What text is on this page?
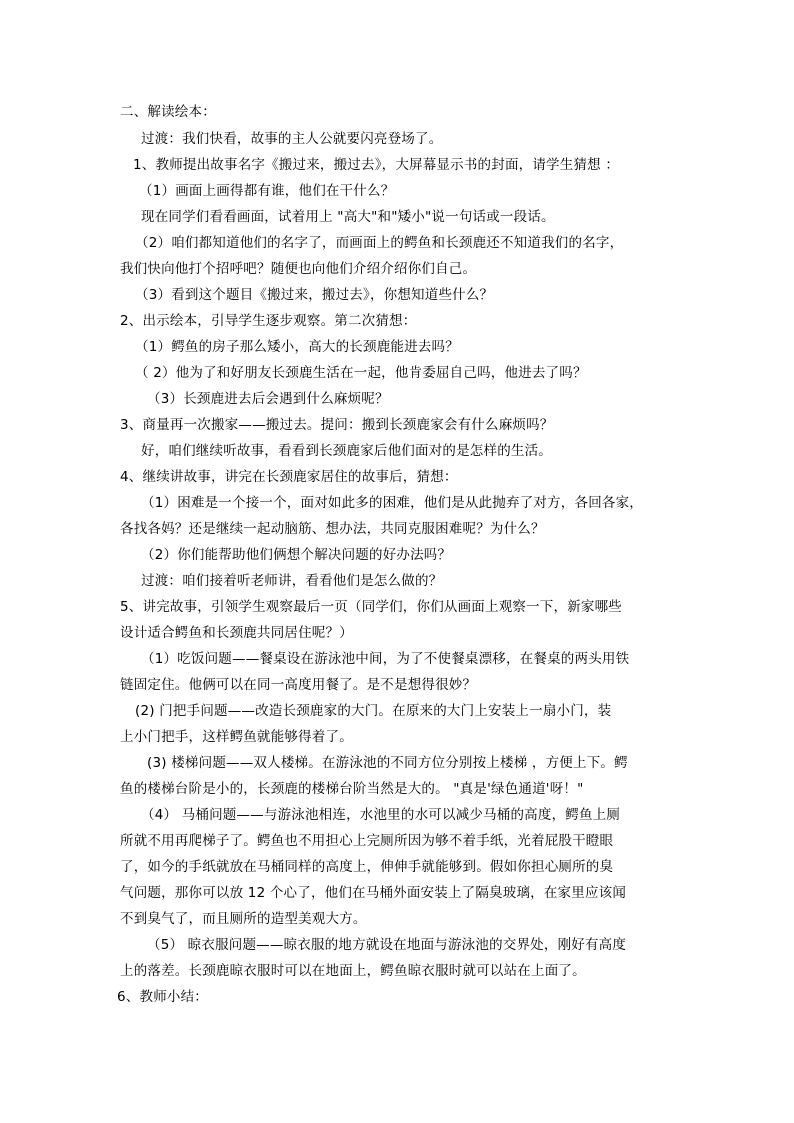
二、解读绘本：
过渡：我们快看，故事的主人公就要闪亮登场了。
1、教师提出故事名字《搬过来，搬过去》，大屏幕显示书的封面，请学生猜想 ：
（1）画面上画得都有谁，他们在干什么？
现在同学们看看画面，试着用上 "高大"和"矮小"说一句话或一段话。
（2）咱们都知道他们的名字了，而画面上的鳄鱼和长颈鹿还不知道我们的名字，
我们快向他打个招呼吧？随便也向他们介绍介绍你们自己。
（3）看到这个题目《搬过来，搬过去》，你想知道些什么？
2、出示绘本，引导学生逐步观察。第二次猜想：
（1）鳄鱼的房子那么矮小，高大的长颈鹿能进去吗？
（ 2）他为了和好朋友长颈鹿生活在一起，他肯委屈自己吗，他进去了吗？
（3）长颈鹿进去后会遇到什么麻烦呢？
3、商量再一次搬家——搬过去。提问：搬到长颈鹿家会有什么麻烦吗？
好，咱们继续听故事，看看到长颈鹿家后他们面对的是怎样的生活。
4、继续讲故事，讲完在长颈鹿家居住的故事后，猜想：
（1）困难是一个接一个，面对如此多的困难，他们是从此抛弃了对方，各回各家，
各找各妈？还是继续一起动脑筋、想办法，共同克服困难呢？为什么？
（2）你们能帮助他们俩想个解决问题的好办法吗？
过渡：咱们接着听老师讲，看看他们是怎么做的？
5、讲完故事，引领学生观察最后一页（同学们，你们从画面上观察一下，新家哪些
设计适合鳄鱼和长颈鹿共同居住呢？）
（1）吃饭问题——餐桌设在游泳池中间，为了不使餐桌漂移，在餐桌的两头用铁
链固定住。他俩可以在同一高度用餐了。是不是想得很妙？
(2) 门把手问题——改造长颈鹿家的大门。在原来的大门上安装上一扇小门，装
上小门把手，这样鳄鱼就能够得着了。
(3) 楼梯问题——双人楼梯。在游泳池的不同方位分别按上楼梯 ，方便上下。鳄
鱼的楼梯台阶是小的，长颈鹿的楼梯台阶当然是大的。 "真是'绿色通道'呀！"
（4） 马桶问题——与游泳池相连，水池里的水可以减少马桶的高度，鳄鱼上厕
所就不用再爬梯子了。鳄鱼也不用担心上完厕所因为够不着手纸，光着屁股干瞪眼
了，如今的手纸就放在马桶同样的高度上，伸伸手就能够到。假如你担心厕所的臭
气问题，那你可以放 12 个心了，他们在马桶外面安装上了隔臭玻璃，在家里应该闻
不到臭气了，而且厕所的造型美观大方。
（5） 晾衣服问题——晾衣服的地方就设在地面与游泳池的交界处，刚好有高度
上的落差。长颈鹿晾衣服时可以在地面上，鳄鱼晾衣服时就可以站在上面了。
6、教师小结：
